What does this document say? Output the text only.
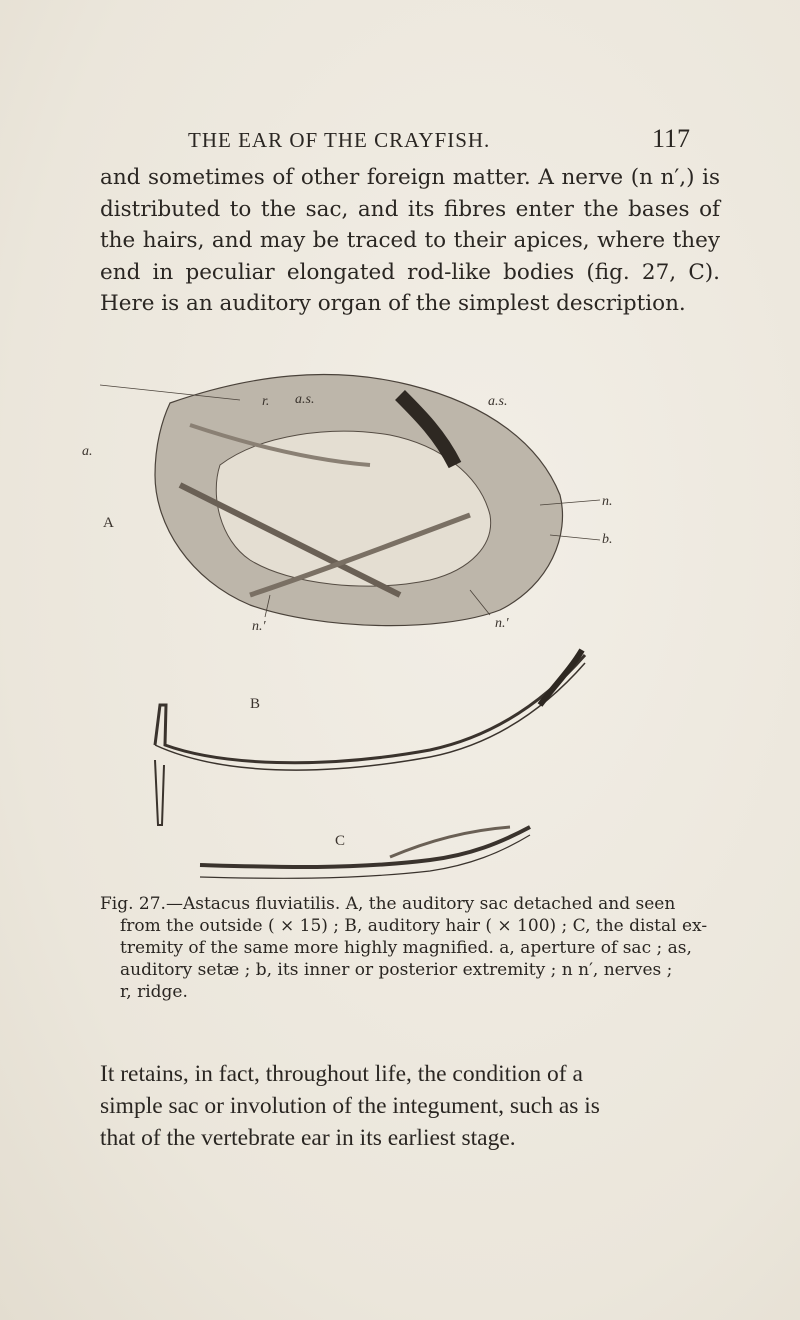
THE EAR OF THE CRAYFISH.	117
and sometimes of other foreign matter. A nerve (n n′,) is
distributed to the sac, and its fibres enter the bases of
the hairs, and may be traced to their apices, where they
end in peculiar elongated rod-like bodies (fig. 27, C).
Here is an auditory organ of the simplest description.
r. a.s.	a.s.
a.
A
n.
b.
n.′	n.′
B
C
Fig. 27.—Astacus fluviatilis. A, the auditory sac detached and seen
from the outside ( × 15) ; B, auditory hair ( × 100) ; C, the distal ex-
tremity of the same more highly magnified. a, aperture of sac ; as,
auditory setæ ; b, its inner or posterior extremity ; n n′, nerves ;
r, ridge.
It retains, in fact, throughout life, the condition of a
simple sac or involution of the integument, such as is
that of the vertebrate ear in its earliest stage.
